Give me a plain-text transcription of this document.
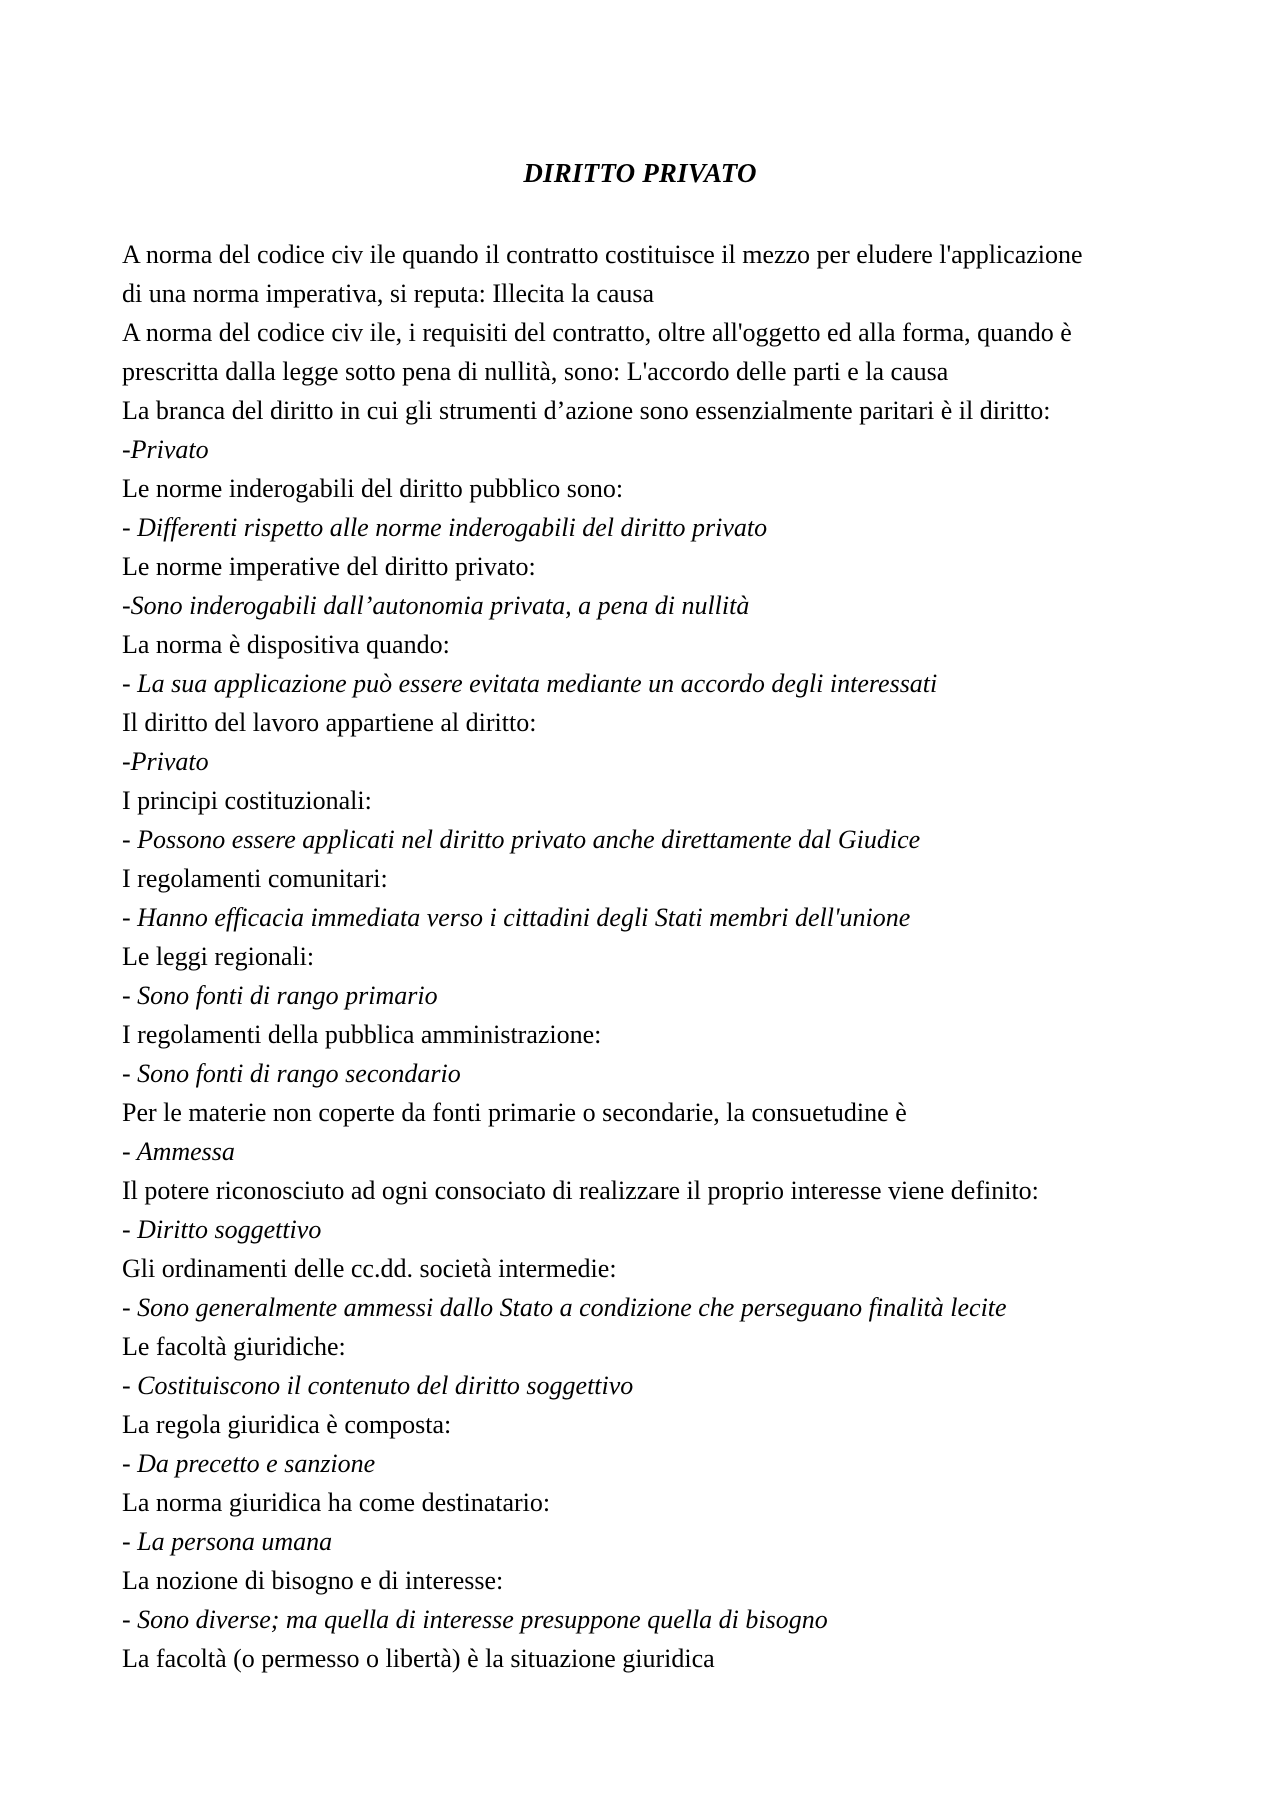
DIRITTO PRIVATO
A norma del codice civ ile quando il contratto costituisce il mezzo per eludere l'applicazione
di una norma imperativa, si reputa: Illecita la causa
A norma del codice civ ile, i requisiti del contratto, oltre all'oggetto ed alla forma, quando è
prescritta dalla legge sotto pena di nullità, sono: L'accordo delle parti e la causa
La branca del diritto in cui gli strumenti d’azione sono essenzialmente paritari è il diritto:
-Privato
Le norme inderogabili del diritto pubblico sono:
- Differenti rispetto alle norme inderogabili del diritto privato
Le norme imperative del diritto privato:
-Sono inderogabili dall’autonomia privata, a pena di nullità
La norma è dispositiva quando:
- La sua applicazione può essere evitata mediante un accordo degli interessati
Il diritto del lavoro appartiene al diritto:
-Privato
I principi costituzionali:
- Possono essere applicati nel diritto privato anche direttamente dal Giudice
I regolamenti comunitari:
- Hanno efficacia immediata verso i cittadini degli Stati membri dell'unione
Le leggi regionali:
- Sono fonti di rango primario
I regolamenti della pubblica amministrazione:
- Sono fonti di rango secondario
Per le materie non coperte da fonti primarie o secondarie, la consuetudine è
- Ammessa
Il potere riconosciuto ad ogni consociato di realizzare il proprio interesse viene definito:
- Diritto soggettivo
Gli ordinamenti delle cc.dd. società intermedie:
- Sono generalmente ammessi dallo Stato a condizione che perseguano finalità lecite
Le facoltà giuridiche:
- Costituiscono il contenuto del diritto soggettivo
La regola giuridica è composta:
- Da precetto e sanzione
La norma giuridica ha come destinatario:
- La persona umana
La nozione di bisogno e di interesse:
- Sono diverse; ma quella di interesse presuppone quella di bisogno
La facoltà (o permesso o libertà) è la situazione giuridica
